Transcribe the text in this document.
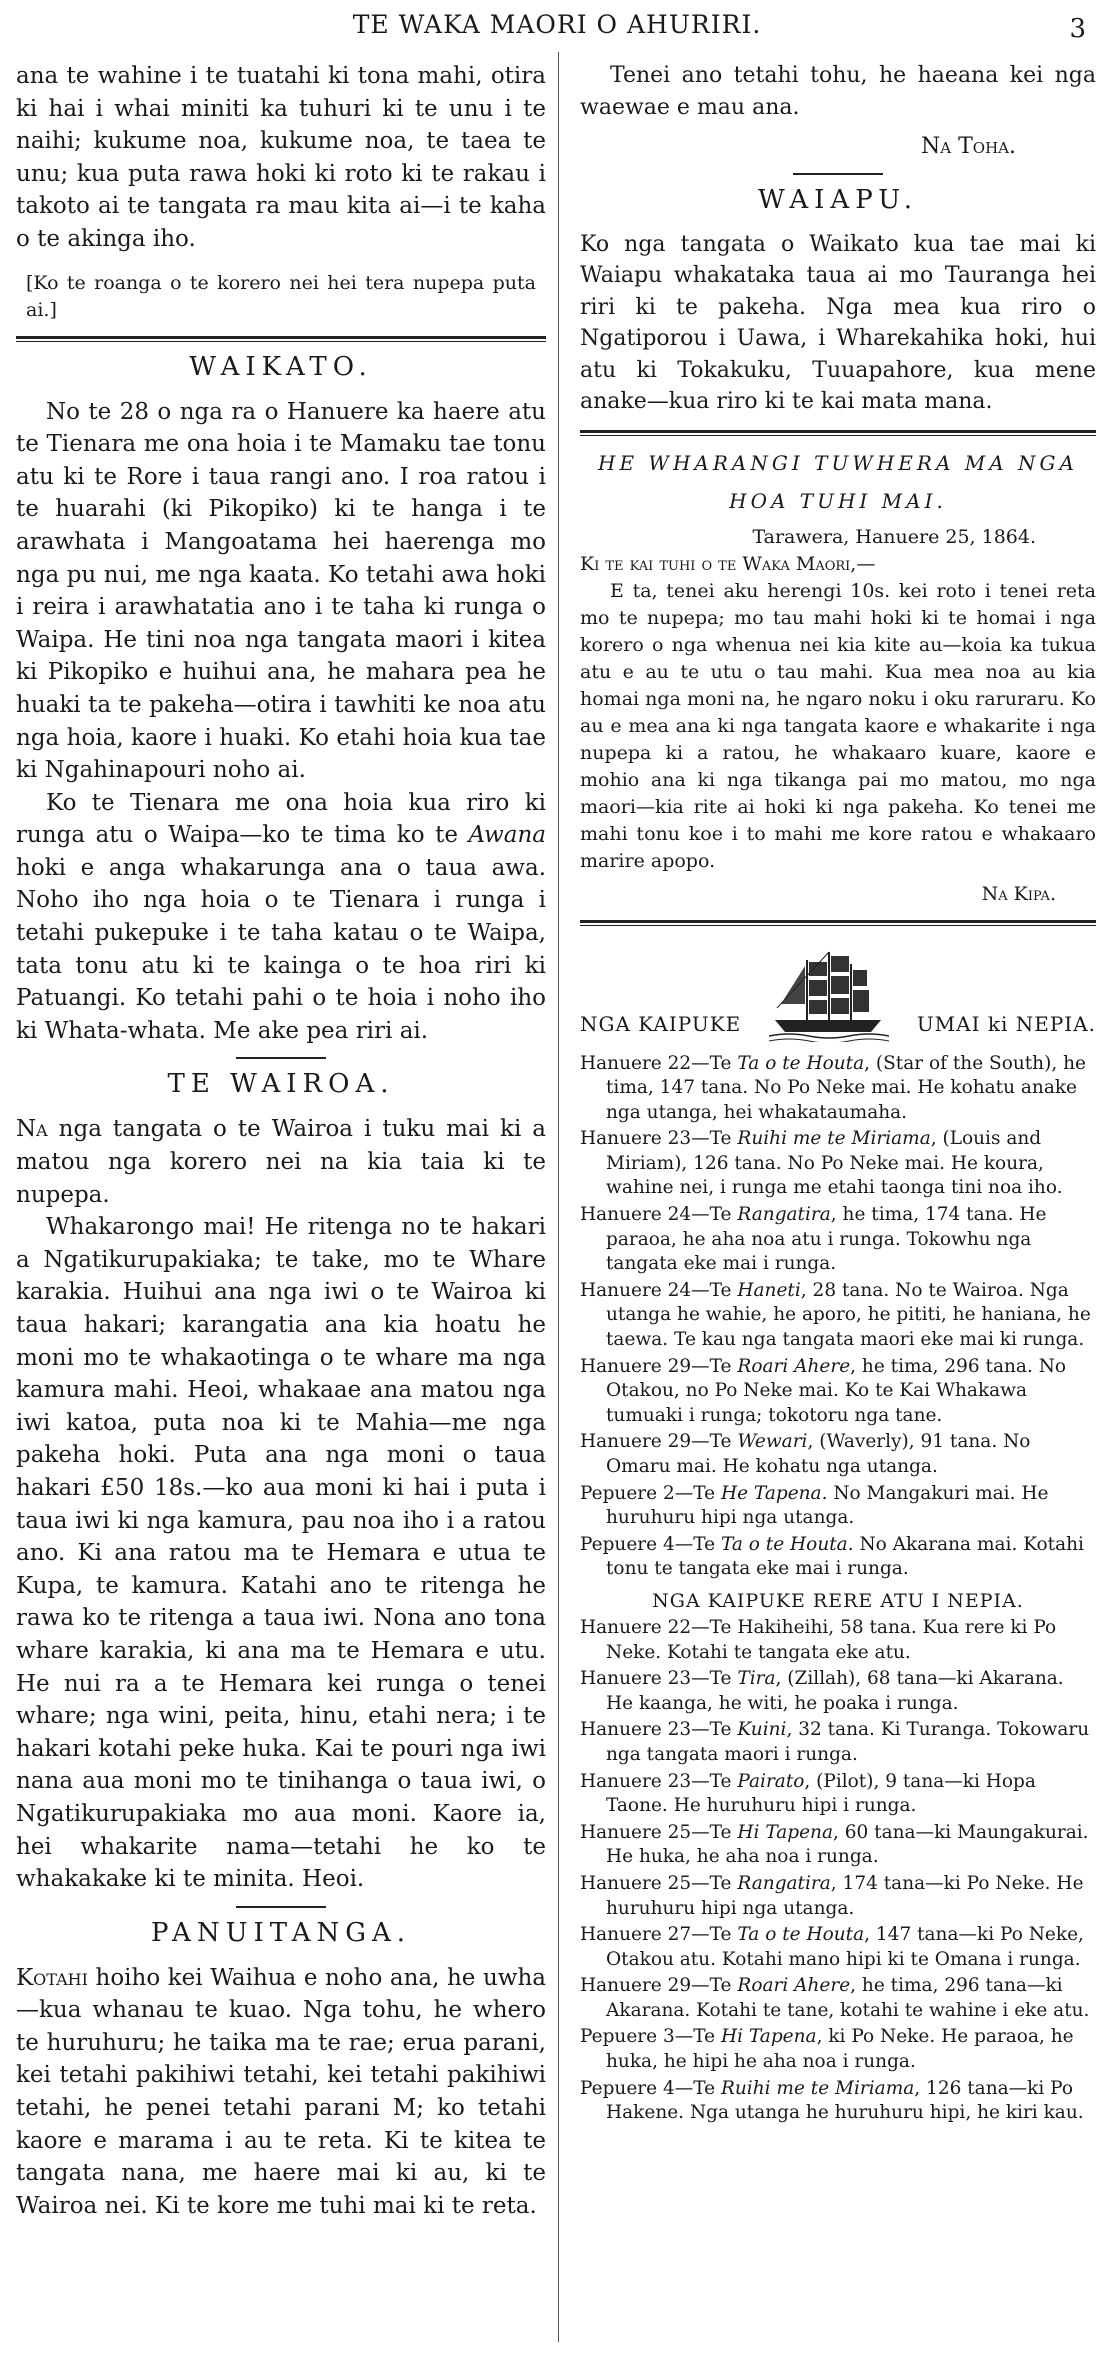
TE WAKA MAORI O AHURIRI.	3

ana te wahine i te tuatahi ki tona mahi, otira ki hai i whai miniti ka tuhuri ki te unu i te naihi; kukume noa, kukume noa, te taea te unu; kua puta rawa hoki ki roto ki te rakau i takoto ai te tangata ra mau kita ai—i te kaha o te akinga iho.

[Ko te roanga o te korero nei hei tera nupepa puta ai.]

WAIKATO.

No te 28 o nga ra o Hanuere ka haere atu te Tienara me ona hoia i te Mamaku tae tonu atu ki te Rore i taua rangi ano. I roa ratou i te huarahi (ki Pikopiko) ki te hanga i te arawhata i Mangoatama hei haerenga mo nga pu nui, me nga kaata. Ko tetahi awa hoki i reira i arawhatatia ano i te taha ki runga o Waipa. He tini noa nga tangata maori i kitea ki Pikopiko e huihui ana, he mahara pea he huaki ta te pakeha—otira i tawhiti ke noa atu nga hoia, kaore i huaki. Ko etahi hoia kua tae ki Ngahinapouri noho ai.

Ko te Tienara me ona hoia kua riro ki runga atu o Waipa—ko te tima ko te Awana hoki e anga whakarunga ana o taua awa. Noho iho nga hoia o te Tienara i runga i tetahi pukepuke i te taha katau o te Waipa, tata tonu atu ki te kainga o te hoa riri ki Patuangi. Ko tetahi pahi o te hoia i noho iho ki Whata-whata. Me ake pea riri ai.

TE WAIROA.

Na nga tangata o te Wairoa i tuku mai ki a matou nga korero nei na kia taia ki te nupepa.

Whakarongo mai! He ritenga no te hakari a Ngatikurupakiaka; te take, mo te Whare karakia. Huihui ana nga iwi o te Wairoa ki taua hakari; karangatia ana kia hoatu he moni mo te whakaotinga o te whare ma nga kamura mahi. Heoi, whakaae ana matou nga iwi katoa, puta noa ki te Mahia—me nga pakeha hoki. Puta ana nga moni o taua hakari £50 18s.—ko aua moni ki hai i puta i taua iwi ki nga kamura, pau noa iho i a ratou ano. Ki ana ratou ma te Hemara e utua te Kupa, te kamura. Katahi ano te ritenga he rawa ko te ritenga a taua iwi. Nona ano tona whare karakia, ki ana ma te Hemara e utu. He nui ra a te Hemara kei runga o tenei whare; nga wini, peita, hinu, etahi nera; i te hakari kotahi peke huka. Kai te pouri nga iwi nana aua moni mo te tinihanga o taua iwi, o Ngatikurupakiaka mo aua moni. Kaore ia, hei whakarite nama—tetahi he ko te whakakake ki te minita. Heoi.

PANUITANGA.

Kotahi hoiho kei Waihua e noho ana, he uwha—kua whanau te kuao. Nga tohu, he whero te huruhuru; he taika ma te rae; erua parani, kei tetahi pakihiwi tetahi, kei tetahi pakihiwi tetahi, he penei tetahi parani M; ko tetahi kaore e marama i au te reta. Ki te kitea te tangata nana, me haere mai ki au, ki te Wairoa nei. Ki te kore me tuhi mai ki te reta.

Tenei ano tetahi tohu, he haeana kei nga waewae e mau ana.

Na Toha.

WAIAPU.

Ko nga tangata o Waikato kua tae mai ki Waiapu whakataka taua ai mo Tauranga hei riri ki te pakeha. Nga mea kua riro o Ngatiporou i Uawa, i Wharekahika hoki, hui atu ki Tokakuku, Tuuapahore, kua mene anake—kua riro ki te kai mata mana.

HE WHARANGI TUWHERA MA NGA
HOA TUHI MAI.

Tarawera, Hanuere 25, 1864.

Ki te kai tuhi o te Waka Maori,—

E ta, tenei aku herengi 10s. kei roto i tenei reta mo te nupepa; mo tau mahi hoki ki te homai i nga korero o nga whenua nei kia kite au—koia ka tukua atu e au te utu o tau mahi. Kua mea noa au kia homai nga moni na, he ngaro noku i oku raruraru. Ko au e mea ana ki nga tangata kaore e whakarite i nga nupepa ki a ratou, he whakaaro kuare, kaore e mohio ana ki nga tikanga pai mo matou, mo nga maori—kia rite ai hoki ki nga pakeha. Ko tenei me mahi tonu koe i to mahi me kore ratou e whakaaro marire apopo.

Na Kipa.

NGA KAIPUKE	UMAI ki NEPIA.

Hanuere 22—Te Ta o te Houta, (Star of the South), he tima, 147 tana. No Po Neke mai. He kohatu anake nga utanga, hei whakataumaha.

Hanuere 23—Te Ruihi me te Miriama, (Louis and Miriam), 126 tana. No Po Neke mai. He koura, wahine nei, i runga me etahi taonga tini noa iho.

Hanuere 24—Te Rangatira, he tima, 174 tana. He paraoa, he aha noa atu i runga. Tokowhu nga tangata eke mai i runga.

Hanuere 24—Te Haneti, 28 tana. No te Wairoa. Nga utanga he wahie, he aporo, he pititi, he haniana, he taewa. Te kau nga tangata maori eke mai ki runga.

Hanuere 29—Te Roari Ahere, he tima, 296 tana. No Otakou, no Po Neke mai. Ko te Kai Whakawa tumuaki i runga; tokotoru nga tane.

Hanuere 29—Te Wewari, (Waverly), 91 tana. No Omaru mai. He kohatu nga utanga.

Pepuere 2—Te He Tapena. No Mangakuri mai. He huruhuru hipi nga utanga.

Pepuere 4—Te Ta o te Houta. No Akarana mai. Kotahi tonu te tangata eke mai i runga.

NGA KAIPUKE RERE ATU I NEPIA.

Hanuere 22—Te Hakiheihi, 58 tana. Kua rere ki Po Neke. Kotahi te tangata eke atu.

Hanuere 23—Te Tira, (Zillah), 68 tana—ki Akarana. He kaanga, he witi, he poaka i runga.

Hanuere 23—Te Kuini, 32 tana. Ki Turanga. Tokowaru nga tangata maori i runga.

Hanuere 23—Te Pairato, (Pilot), 9 tana—ki Hopa Taone. He huruhuru hipi i runga.

Hanuere 25—Te Hi Tapena, 60 tana—ki Maungakurai. He huka, he aha noa i runga.

Hanuere 25—Te Rangatira, 174 tana—ki Po Neke. He huruhuru hipi nga utanga.

Hanuere 27—Te Ta o te Houta, 147 tana—ki Po Neke, Otakou atu. Kotahi mano hipi ki te Omana i runga.

Hanuere 29—Te Roari Ahere, he tima, 296 tana—ki Akarana. Kotahi te tane, kotahi te wahine i eke atu.

Pepuere 3—Te Hi Tapena, ki Po Neke. He paraoa, he huka, he hipi he aha noa i runga.

Pepuere 4—Te Ruihi me te Miriama, 126 tana—ki Po Hakene. Nga utanga he huruhuru hipi, he kiri kau.
